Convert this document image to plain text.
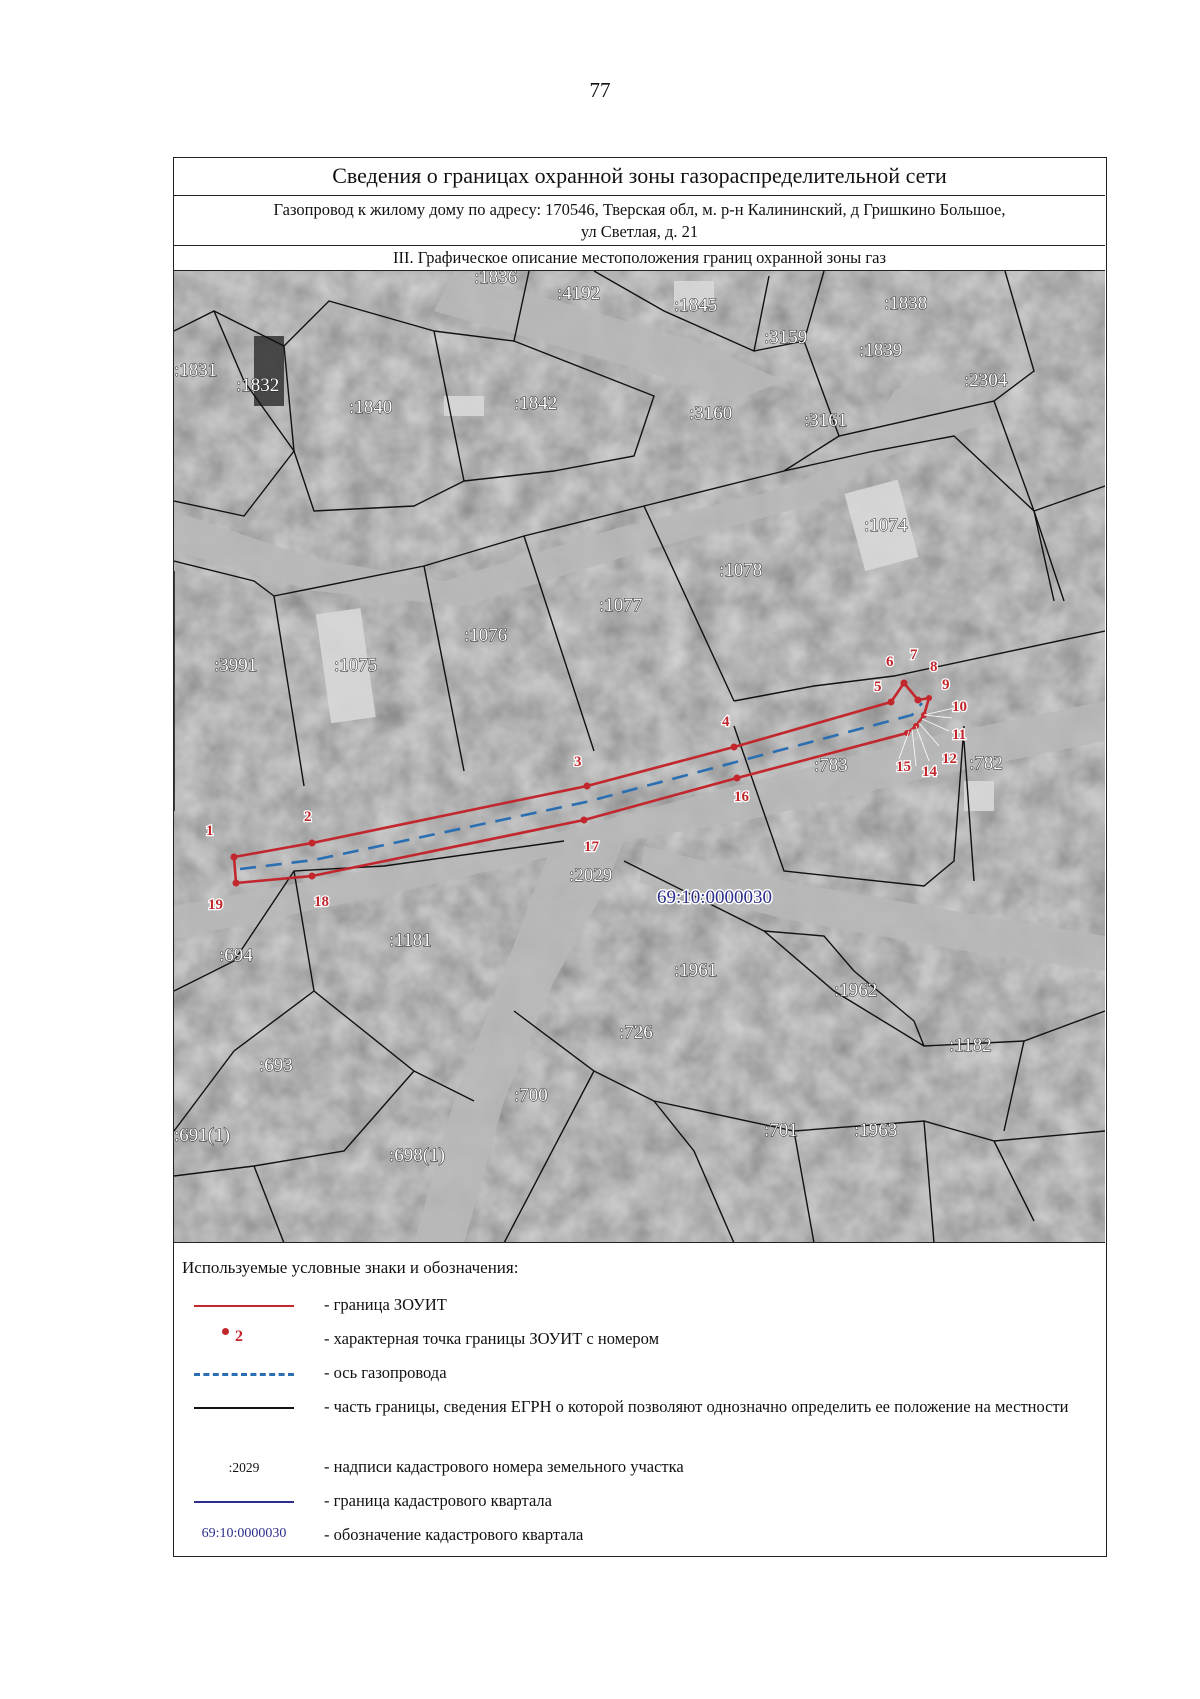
77
Сведения о границах охранной зоны газораспределительной сети
Газопровод к жилому дому по адресу: 170546, Тверская обл, м. р-н Калининский, д Гришкино Большое,
ул Светлая, д. 21
III. Графическое описание местоположения границ охранной зоны газ
:1836
:4192
:1845	:1838
:3159
:1839
:1831
:1832
:1840	:1842	:3160	:3161
:2304
:1074
:1078
:1077
:1076
:1075
:3991
:783	:782
:2029
:694
:1181
:1961
:1962
:726
:1182
:693
:700
:691(1)
:698(1)
:701	:1963
1
2
3
4
5
6 7
8
9
10
11
12
14
15
16
17
18
19	69:10:0000030
Используемые условные знаки и обозначения:
- граница ЗОУИТ
2	- характерная точка границы ЗОУИТ с номером
- ось газопровода
- часть границы, сведения ЕГРН о которой позволяют однозначно определить ее положение на местности
:2029	- надписи кадастрового номера земельного участка
- граница кадастрового квартала
69:10:0000030	- обозначение кадастрового квартала
